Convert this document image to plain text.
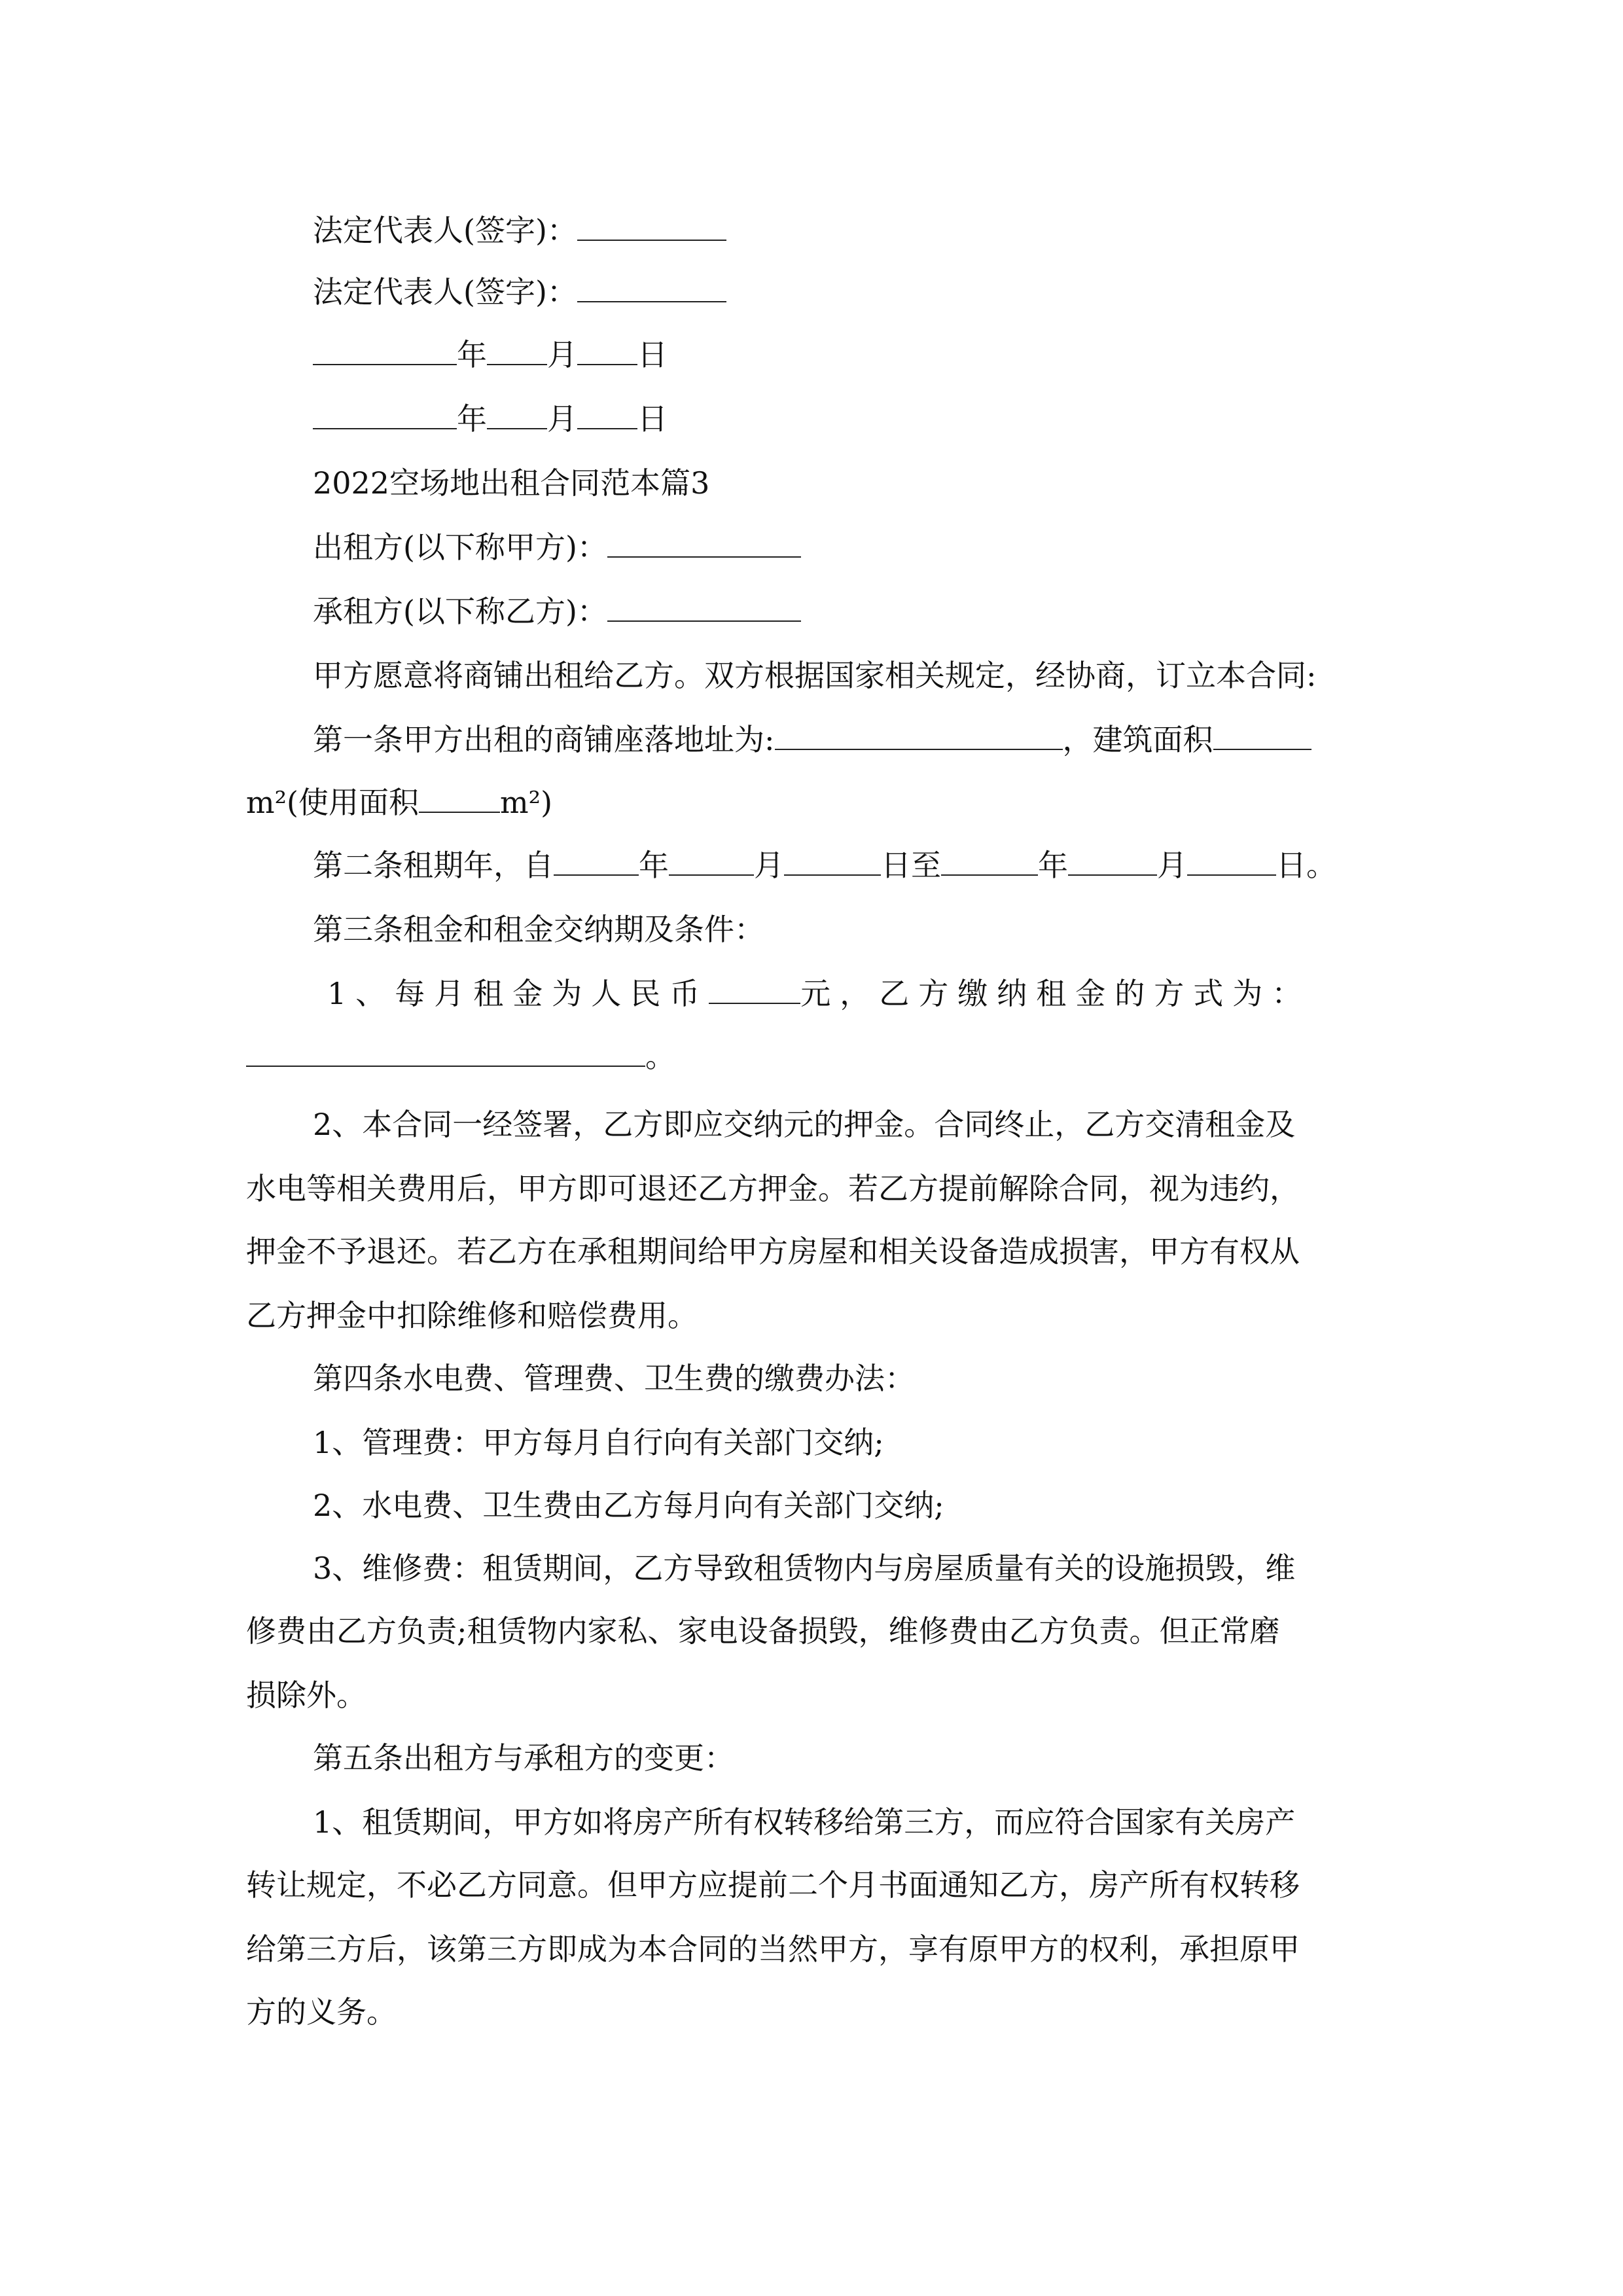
法定代表人(签字)：
法定代表人(签字)：
年 月 日
年 月 日
2022空场地出租合同范本篇3
出租方(以下称甲方)：
承租方(以下称乙方)：
甲方愿意将商铺出租给乙方。双方根据国家相关规定，经协商，订立本合同:
第一条甲方出租的商铺座落地址为:	，建筑面积
m²(使用面积	m²)
第二条租期年，自	年	月	日至	年	月	日。
第三条租金和租金交纳期及条件：
1、每月租金为人民币	元，乙方缴纳租金的方式为：
。
2、本合同一经签署，乙方即应交纳元的押金。合同终止，乙方交清租金及
水电等相关费用后，甲方即可退还乙方押金。若乙方提前解除合同，视为违约，
押金不予退还。若乙方在承租期间给甲方房屋和相关设备造成损害，甲方有权从
乙方押金中扣除维修和赔偿费用。
第四条水电费、管理费、卫生费的缴费办法：
1、管理费：甲方每月自行向有关部门交纳;
2、水电费、卫生费由乙方每月向有关部门交纳;
3、维修费：租赁期间，乙方导致租赁物内与房屋质量有关的设施损毁，维
修费由乙方负责;租赁物内家私、家电设备损毁，维修费由乙方负责。但正常磨
损除外。
第五条出租方与承租方的变更：
1、租赁期间，甲方如将房产所有权转移给第三方，而应符合国家有关房产
转让规定，不必乙方同意。但甲方应提前二个月书面通知乙方，房产所有权转移
给第三方后，该第三方即成为本合同的当然甲方，享有原甲方的权利，承担原甲
方的义务。
